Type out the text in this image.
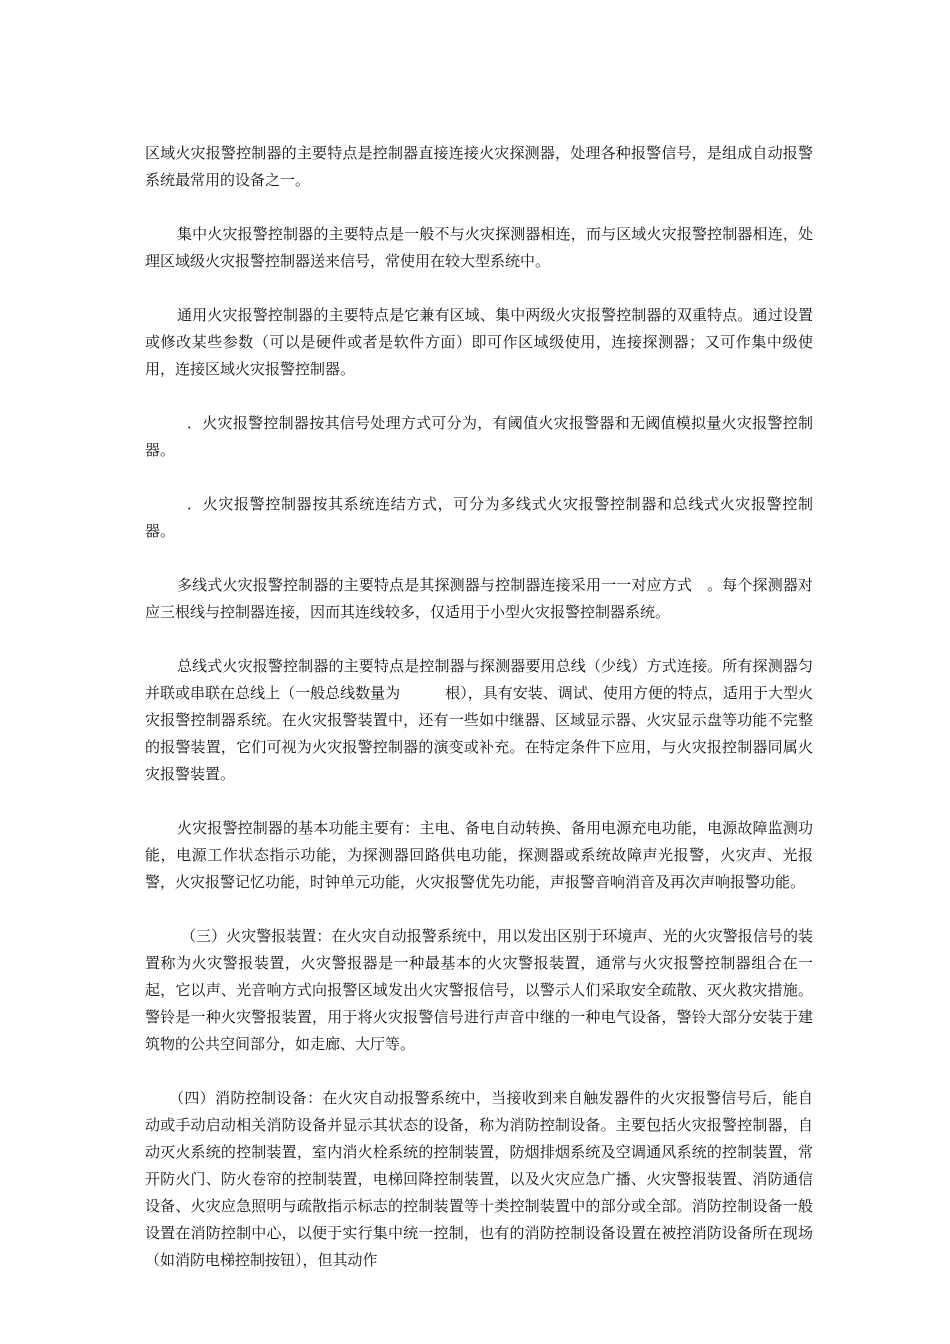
区域火灾报警控制器的主要特点是控制器直接连接火灾探测器，处理各种报警信号，是组成自动报警系统最常用的设备之一。

集中火灾报警控制器的主要特点是一般不与火灾探测器相连，而与区域火灾报警控制器相连，处理区域级火灾报警控制器送来信号，常使用在较大型系统中。

通用火灾报警控制器的主要特点是它兼有区域、集中两级火灾报警控制器的双重特点。通过设置或修改某些参数（可以是硬件或者是软件方面）即可作区域级使用，连接探测器；又可作集中级使用，连接区域火灾报警控制器。

．火灾报警控制器按其信号处理方式可分为，有阈值火灾报警器和无阈值模拟量火灾报警控制器。

．火灾报警控制器按其系统连结方式，可分为多线式火灾报警控制器和总线式火灾报警控制器。

多线式火灾报警控制器的主要特点是其探测器与控制器连接采用一一对应方式　。每个探测器对应三根线与控制器连接，因而其连线较多，仅适用于小型火灾报警控制器系统。

总线式火灾报警控制器的主要特点是控制器与探测器要用总线（少线）方式连接。所有探测器匀并联或串联在总线上（一般总线数量为　　　根），具有安装、调试、使用方便的特点，适用于大型火灾报警控制器系统。在火灾报警装置中，还有一些如中继器、区域显示器、火灾显示盘等功能不完整的报警装置，它们可视为火灾报警控制器的演变或补充。在特定条件下应用，与火灾报控制器同属火灾报警装置。

火灾报警控制器的基本功能主要有：主电、备电自动转换、备用电源充电功能，电源故障监测功能，电源工作状态指示功能，为探测器回路供电功能，探测器或系统故障声光报警，火灾声、光报警，火灾报警记忆功能，时钟单元功能，火灾报警优先功能，声报警音响消音及再次声响报警功能。

（三）火灾警报装置：在火灾自动报警系统中，用以发出区别于环境声、光的火灾警报信号的装置称为火灾警报装置，火灾警报器是一种最基本的火灾警报装置，通常与火灾报警控制器组合在一起，它以声、光音响方式向报警区域发出火灾警报信号，以警示人们采取安全疏散、灭火救灾措施。警铃是一种火灾警报装置，用于将火灾报警信号进行声音中继的一种电气设备，警铃大部分安装于建筑物的公共空间部分，如走廊、大厅等。

（四）消防控制设备：在火灾自动报警系统中，当接收到来自触发器件的火灾报警信号后，能自动或手动启动相关消防设备并显示其状态的设备，称为消防控制设备。主要包括火灾报警控制器，自动灭火系统的控制装置，室内消火栓系统的控制装置，防烟排烟系统及空调通风系统的控制装置，常开防火门、防火卷帘的控制装置，电梯回降控制装置，以及火灾应急广播、火灾警报装置、消防通信设备、火灾应急照明与疏散指示标志的控制装置等十类控制装置中的部分或全部。消防控制设备一般设置在消防控制中心，以便于实行集中统一控制，也有的消防控制设备设置在被控消防设备所在现场（如消防电梯控制按钮），但其动作
